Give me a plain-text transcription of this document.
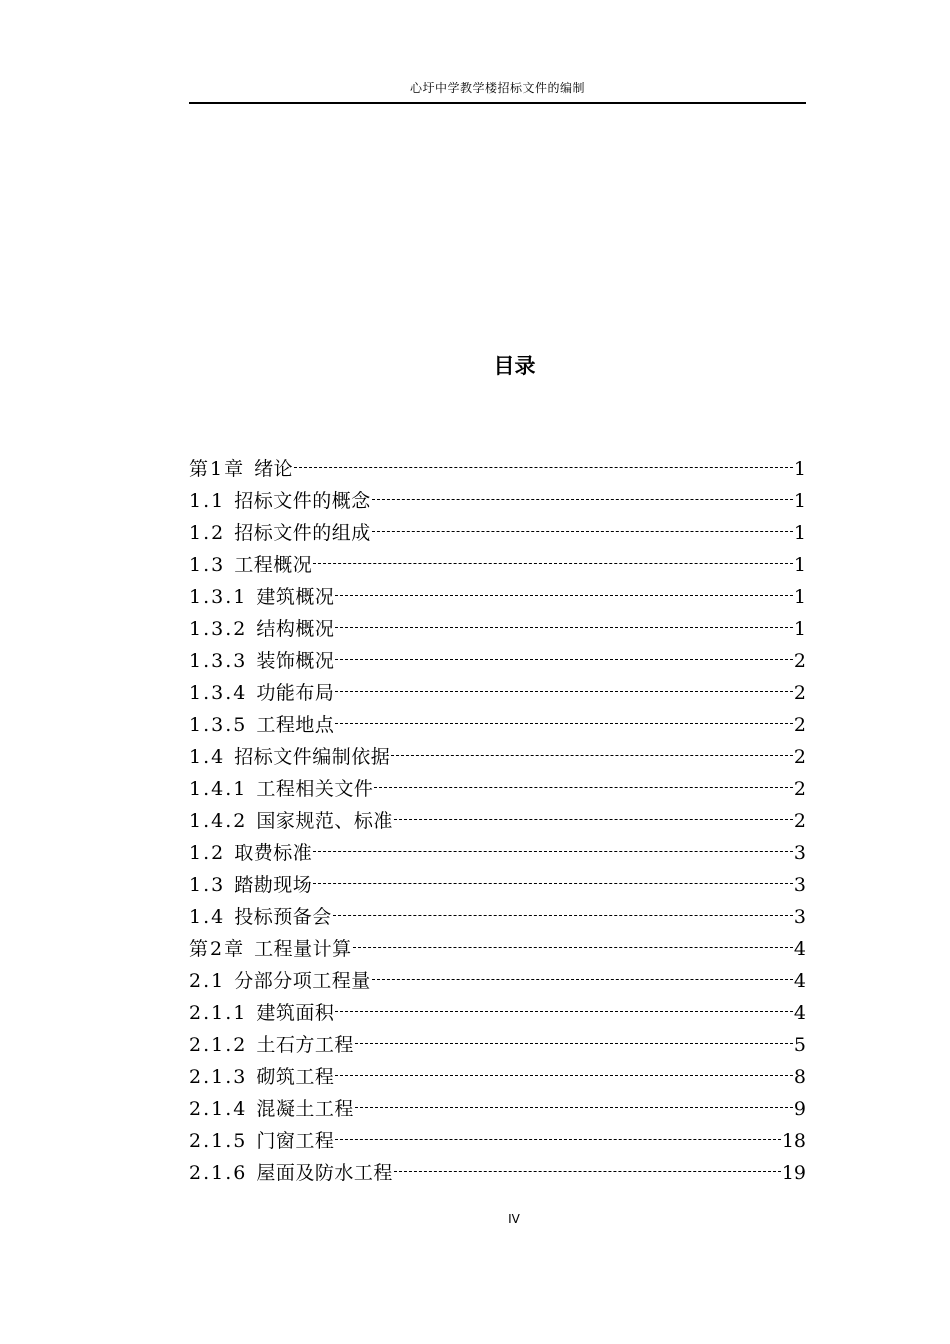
心圩中学教学楼招标文件的编制
目录
第1章 绪论	1
1.1 招标文件的概念	1
1.2 招标文件的组成	1
1.3 工程概况	1
1.3.1 建筑概况	1
1.3.2 结构概况	1
1.3.3 装饰概况	2
1.3.4 功能布局	2
1.3.5 工程地点	2
1.4 招标文件编制依据	2
1.4.1 工程相关文件	2
1.4.2 国家规范、标准	2
1.2 取费标准	3
1.3 踏勘现场	3
1.4 投标预备会	3
第2章 工程量计算	4
2.1 分部分项工程量	4
2.1.1 建筑面积	4
2.1.2 土石方工程	5
2.1.3 砌筑工程	8
2.1.4 混凝土工程	9
2.1.5 门窗工程	18
2.1.6 屋面及防水工程	19
IV
